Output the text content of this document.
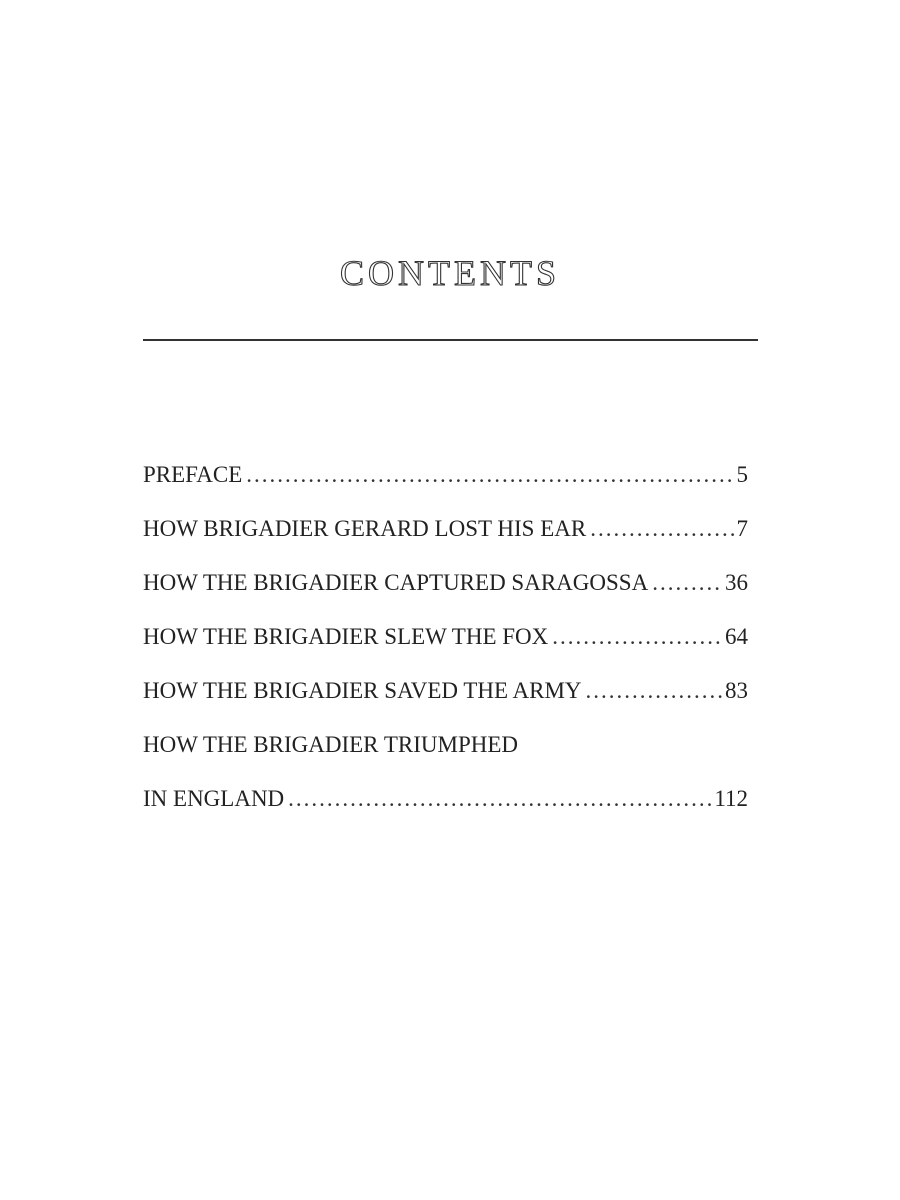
CONTENTS
PREFACE .....	5
HOW BRIGADIER GERARD LOST HIS EAR .....	7
HOW THE BRIGADIER CAPTURED SARAGOSSA .....	36
HOW THE BRIGADIER SLEW THE FOX .....	64
HOW THE BRIGADIER SAVED THE ARMY .....	83
HOW THE BRIGADIER TRIUMPHED
IN ENGLAND .....	112
